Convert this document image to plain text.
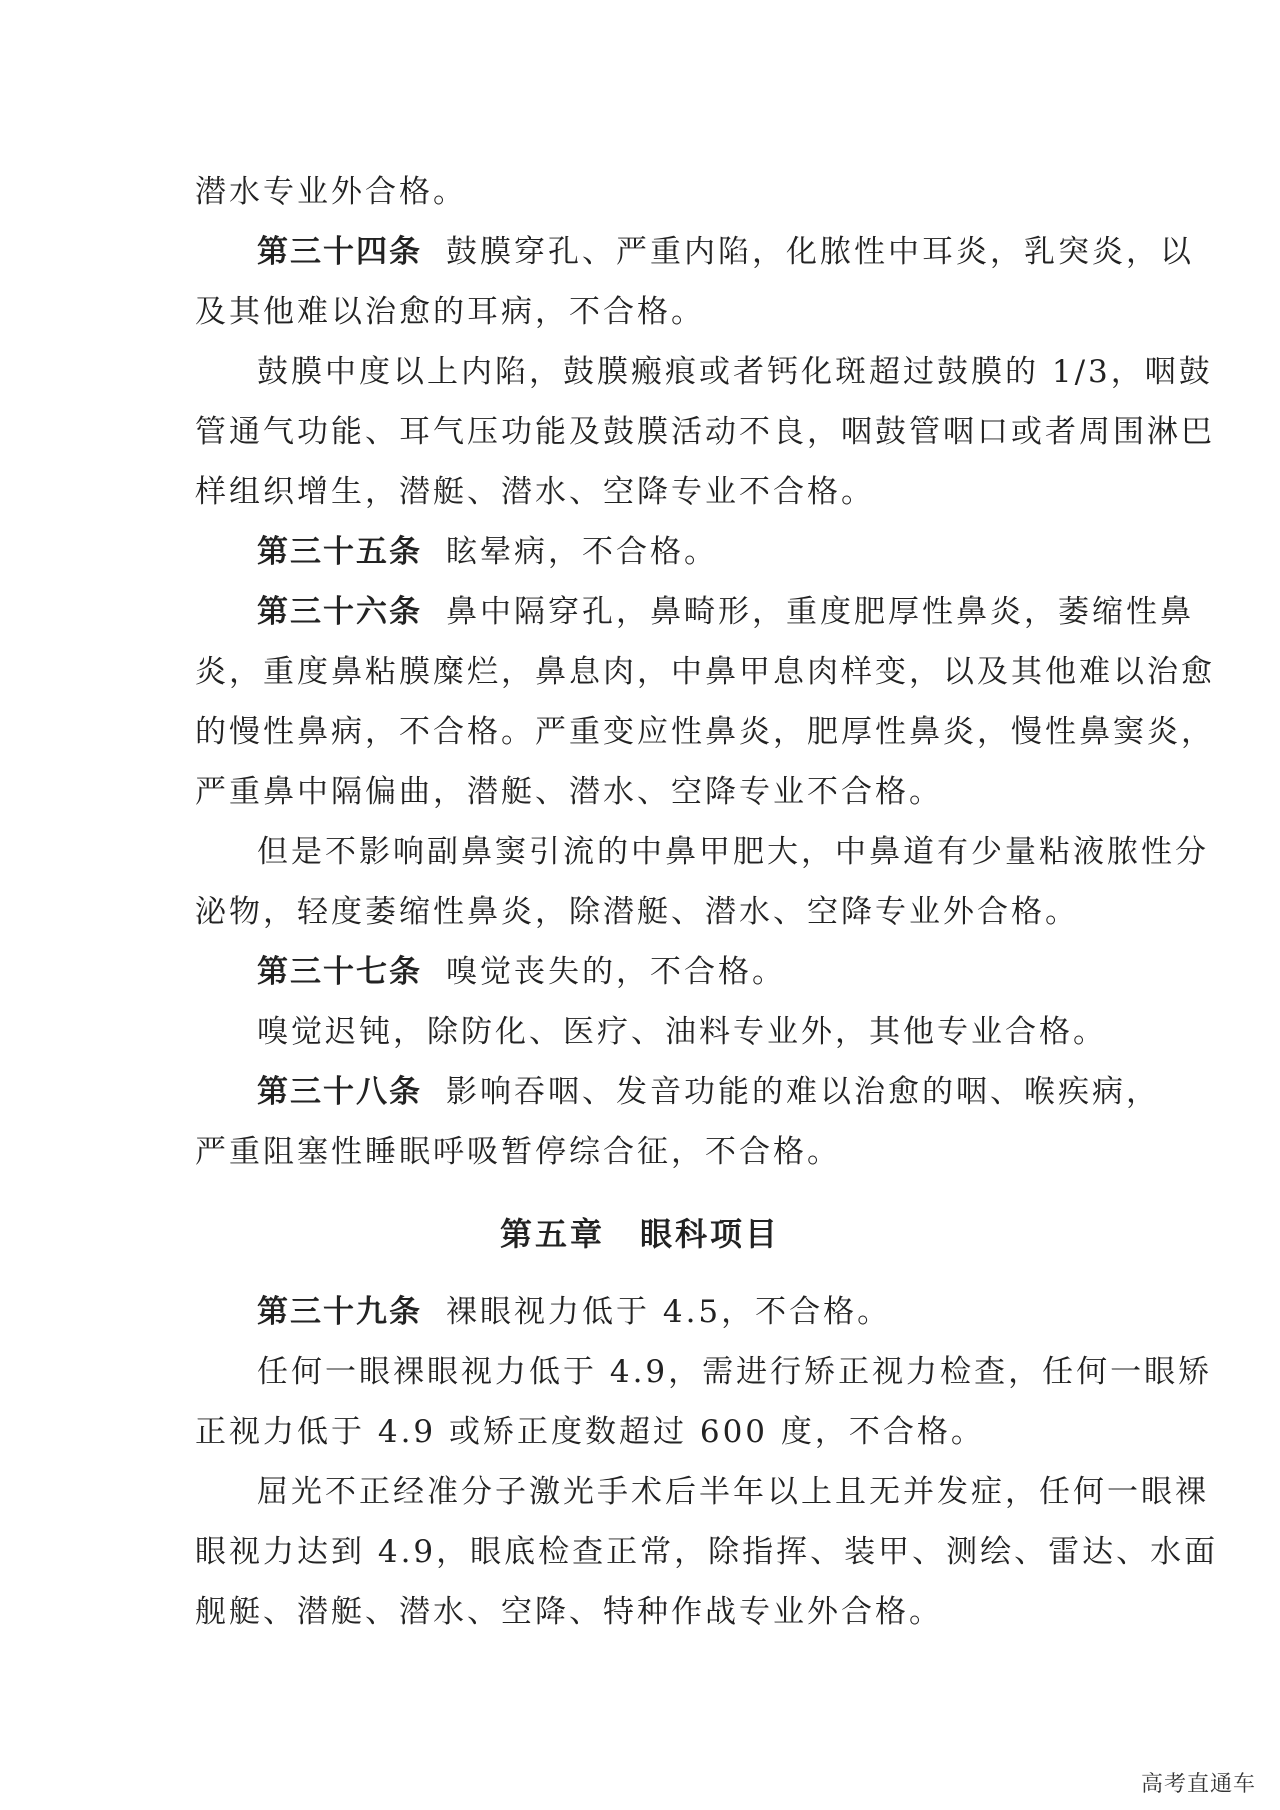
潜水专业外合格。

第三十四条 鼓膜穿孔、严重内陷，化脓性中耳炎，乳突炎，以

及其他难以治愈的耳病，不合格。

鼓膜中度以上内陷，鼓膜瘢痕或者钙化斑超过鼓膜的 1/3，咽鼓

管通气功能、耳气压功能及鼓膜活动不良，咽鼓管咽口或者周围淋巴

样组织增生，潜艇、潜水、空降专业不合格。

第三十五条 眩晕病，不合格。

第三十六条 鼻中隔穿孔，鼻畸形，重度肥厚性鼻炎，萎缩性鼻

炎，重度鼻粘膜糜烂，鼻息肉，中鼻甲息肉样变，以及其他难以治愈

的慢性鼻病，不合格。严重变应性鼻炎，肥厚性鼻炎，慢性鼻窦炎，

严重鼻中隔偏曲，潜艇、潜水、空降专业不合格。

但是不影响副鼻窦引流的中鼻甲肥大，中鼻道有少量粘液脓性分

泌物，轻度萎缩性鼻炎，除潜艇、潜水、空降专业外合格。

第三十七条 嗅觉丧失的，不合格。

嗅觉迟钝，除防化、医疗、油料专业外，其他专业合格。

第三十八条 影响吞咽、发音功能的难以治愈的咽、喉疾病，

严重阻塞性睡眠呼吸暂停综合征，不合格。

第五章　眼科项目

第三十九条 裸眼视力低于 4.5，不合格。

任何一眼裸眼视力低于 4.9，需进行矫正视力检查，任何一眼矫

正视力低于 4.9 或矫正度数超过 600 度，不合格。

屈光不正经准分子激光手术后半年以上且无并发症，任何一眼裸

眼视力达到 4.9，眼底检查正常，除指挥、装甲、测绘、雷达、水面

舰艇、潜艇、潜水、空降、特种作战专业外合格。

高考直通车
